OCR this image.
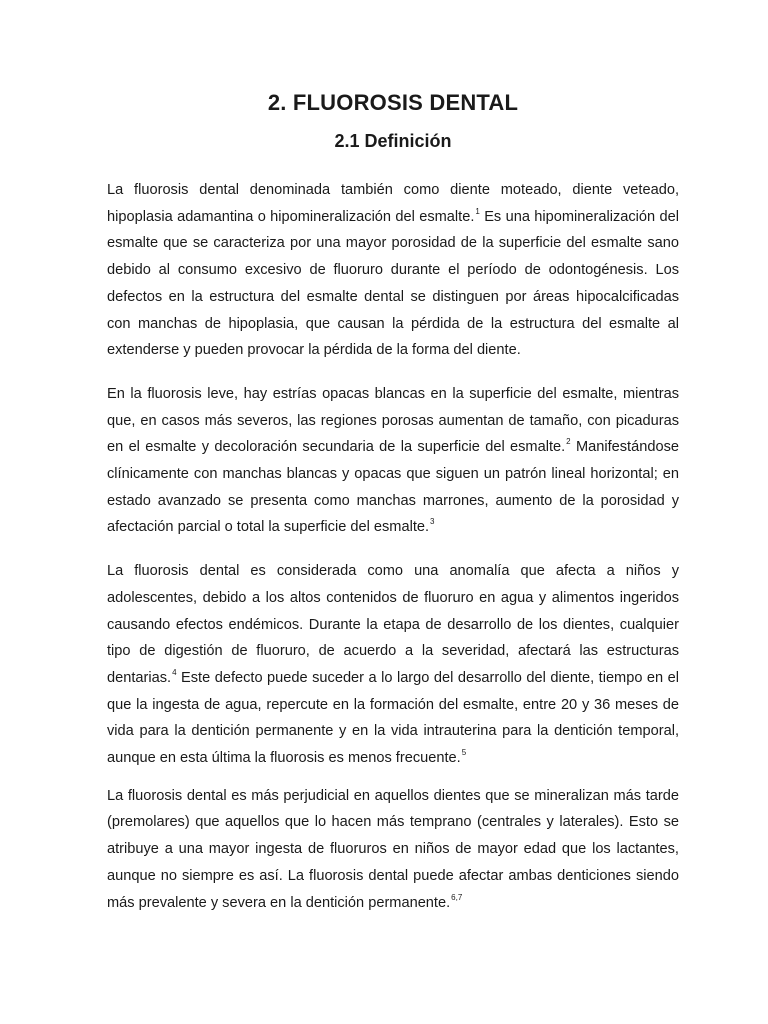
2. FLUOROSIS DENTAL
2.1 Definición

La fluorosis dental denominada también como diente moteado, diente veteado, hipoplasia adamantina o hipomineralización del esmalte.$^1$ Es una hipomineralización del esmalte que se caracteriza por una mayor porosidad de la superficie del esmalte sano debido al consumo excesivo de fluoruro durante el período de odontogénesis. Los defectos en la estructura del esmalte dental se distinguen por áreas hipocalcificadas con manchas de hipoplasia, que causan la pérdida de la estructura del esmalte al extenderse y pueden provocar la pérdida de la forma del diente.

En la fluorosis leve, hay estrías opacas blancas en la superficie del esmalte, mientras que, en casos más severos, las regiones porosas aumentan de tamaño, con picaduras en el esmalte y decoloración secundaria de la superficie del esmalte.$^2$ Manifestándose clínicamente con manchas blancas y opacas que siguen un patrón lineal horizontal; en estado avanzado se presenta como manchas marrones, aumento de la porosidad y afectación parcial o total la superficie del esmalte.$^3$

La fluorosis dental es considerada como una anomalía que afecta a niños y adolescentes, debido a los altos contenidos de fluoruro en agua y alimentos ingeridos causando efectos endémicos. Durante la etapa de desarrollo de los dientes, cualquier tipo de digestión de fluoruro, de acuerdo a la severidad, afectará las estructuras dentarias.$^4$ Este defecto puede suceder a lo largo del desarrollo del diente, tiempo en el que la ingesta de agua, repercute en la formación del esmalte, entre 20 y 36 meses de vida para la dentición permanente y en la vida intrauterina para la dentición temporal, aunque en esta última la fluorosis es menos frecuente.$^5$

La fluorosis dental es más perjudicial en aquellos dientes que se mineralizan más tarde (premolares) que aquellos que lo hacen más temprano (centrales y laterales). Esto se atribuye a una mayor ingesta de fluoruros en niños de mayor edad que los lactantes, aunque no siempre es así. La fluorosis dental puede afectar ambas denticiones siendo más prevalente y severa en la dentición permanente.$^{6,7}$
